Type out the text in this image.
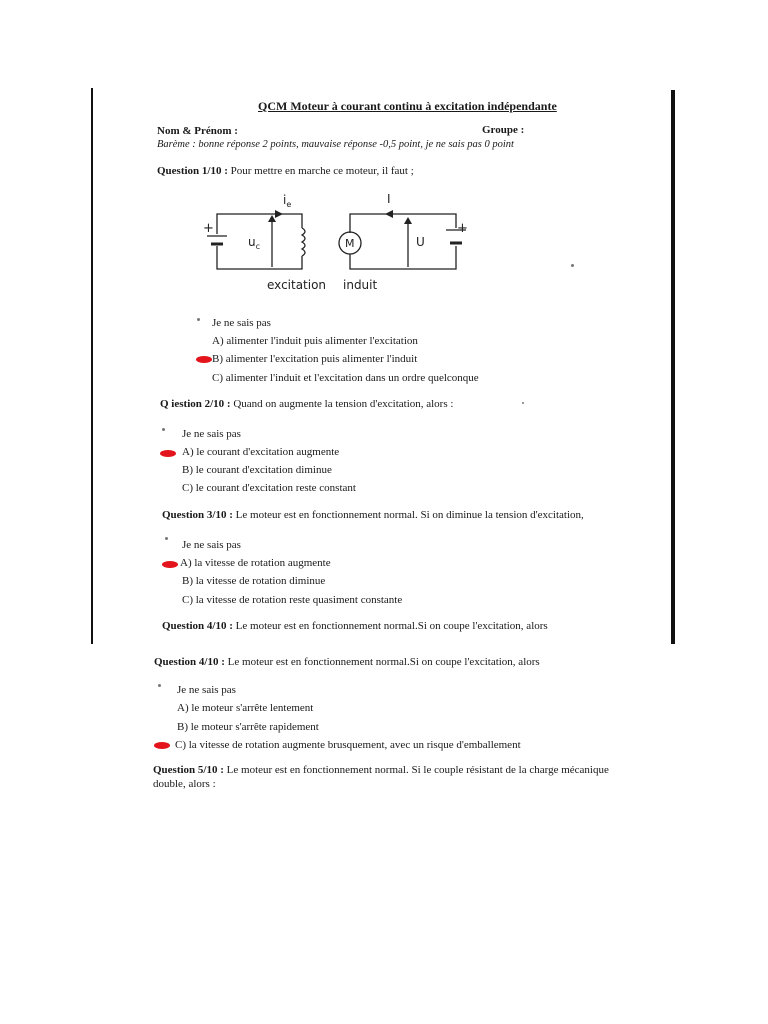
QCM Moteur à courant continu à excitation indépendante
Nom & Prénom :	Groupe :
Barème : bonne réponse 2 points, mauvaise réponse -0,5 point, je ne sais pas 0 point
Question 1/10 : Pour mettre en marche ce moteur, il faut ;
+	+
$i_e$
$u_c$	M
I
U
excitation induit
Je ne sais pas
A) alimenter l'induit puis alimenter l'excitation
B) alimenter l'excitation puis alimenter l'induit
C) alimenter l'induit et l'excitation dans un ordre quelconque
Q iestion 2/10 : Quand on augmente la tension d'excitation, alors :
Je ne sais pas
A) le courant d'excitation augmente
B) le courant d'excitation diminue
C) le courant d'excitation reste constant
Question 3/10 : Le moteur est en fonctionnement normal. Si on diminue la tension d'excitation,
Je ne sais pas
A) la vitesse de rotation augmente
B) la vitesse de rotation diminue
C) la vitesse de rotation reste quasiment constante
Question 4/10 : Le moteur est en fonctionnement normal.Si on coupe l'excitation, alors
Question 4/10 : Le moteur est en fonctionnement normal.Si on coupe l'excitation, alors
Je ne sais pas
A) le moteur s'arrête lentement
B) le moteur s'arrête rapidement
C) la vitesse de rotation augmente brusquement, avec un risque d'emballement
Question 5/10 : Le moteur est en fonctionnement normal. Si le couple résistant de la charge mécanique
double, alors :
